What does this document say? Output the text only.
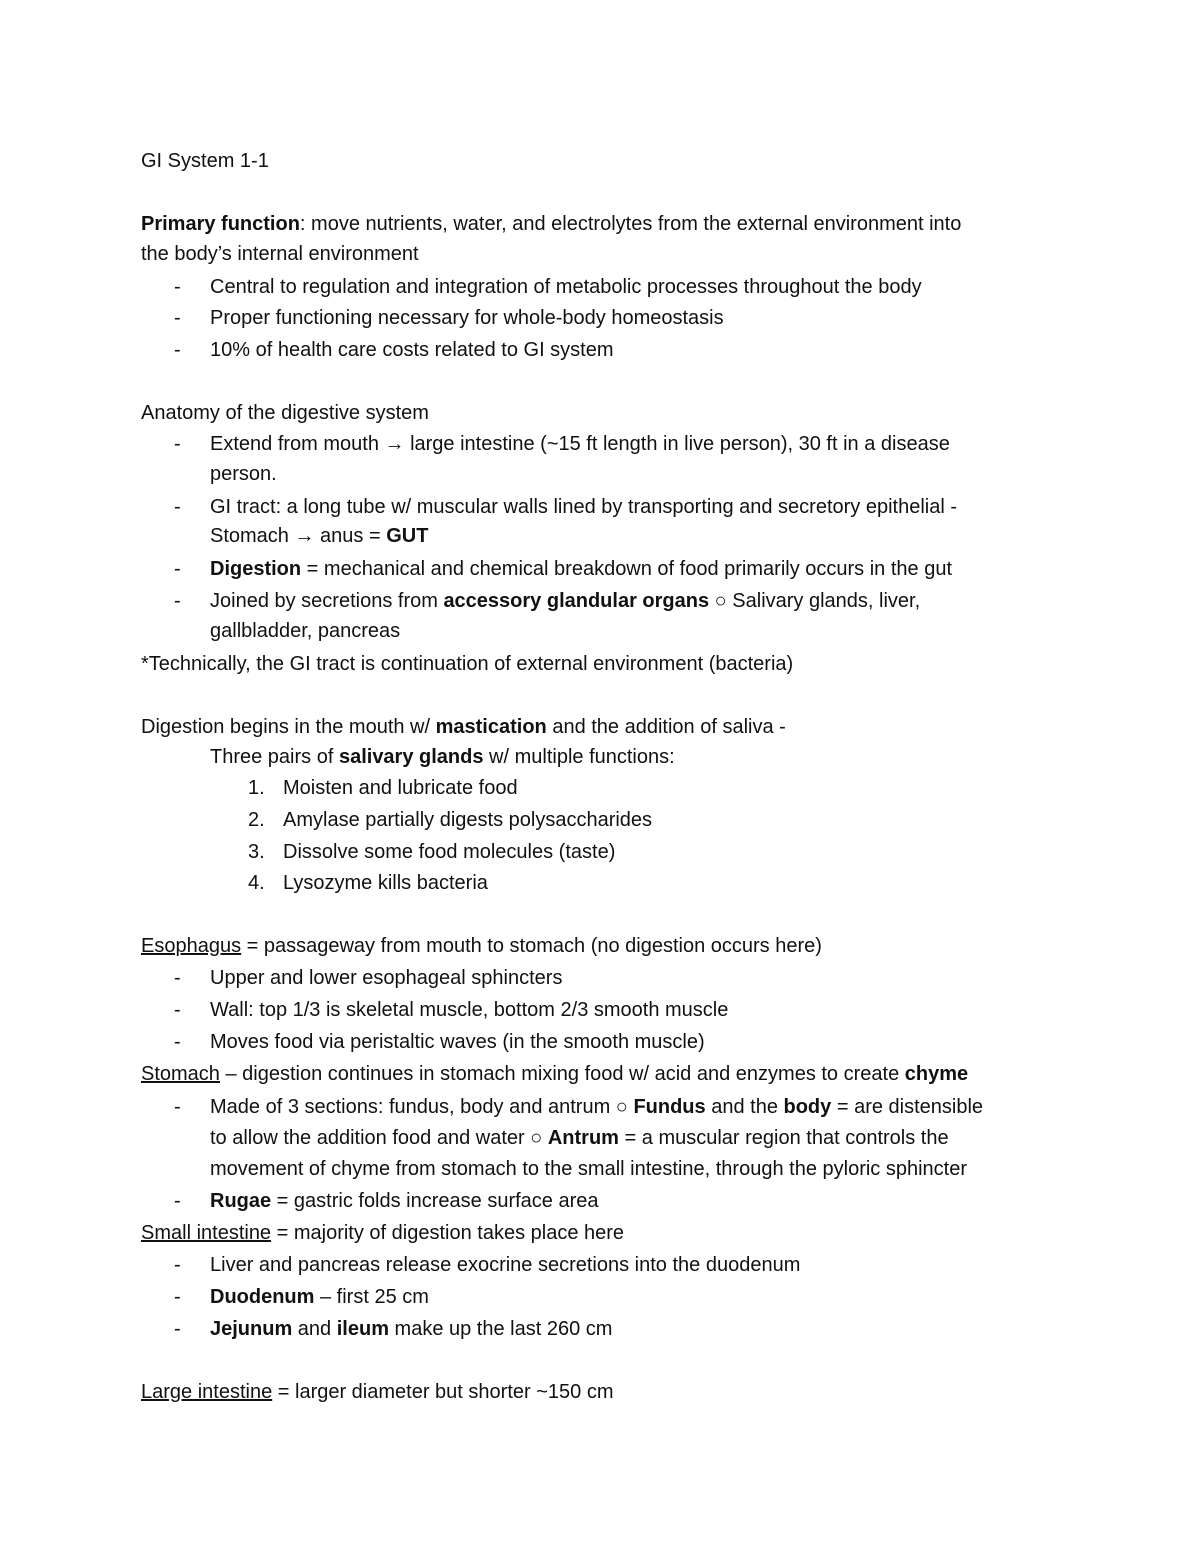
GI System 1-1
Primary function: move nutrients, water, and electrolytes from the external environment into
the body’s internal environment
- Central to regulation and integration of metabolic processes throughout the body
- Proper functioning necessary for whole-body homeostasis
- 10% of health care costs related to GI system
Anatomy of the digestive system
- Extend from mouth → large intestine (~15 ft length in live person), 30 ft in a disease
person.
- GI tract: a long tube w/ muscular walls lined by transporting and secretory epithelial -
Stomach → anus = GUT
- Digestion = mechanical and chemical breakdown of food primarily occurs in the gut
- Joined by secretions from accessory glandular organs ○ Salivary glands, liver,
gallbladder, pancreas
*Technically, the GI tract is continuation of external environment (bacteria)
Digestion begins in the mouth w/ mastication and the addition of saliva -
Three pairs of salivary glands w/ multiple functions:
1. Moisten and lubricate food
2. Amylase partially digests polysaccharides
3. Dissolve some food molecules (taste)
4. Lysozyme kills bacteria
Esophagus = passageway from mouth to stomach (no digestion occurs here)
- Upper and lower esophageal sphincters
- Wall: top 1/3 is skeletal muscle, bottom 2/3 smooth muscle
- Moves food via peristaltic waves (in the smooth muscle)
Stomach – digestion continues in stomach mixing food w/ acid and enzymes to create chyme
- Made of 3 sections: fundus, body and antrum ○ Fundus and the body = are distensible
to allow the addition food and water ○ Antrum = a muscular region that controls the
movement of chyme from stomach to the small intestine, through the pyloric sphincter
- Rugae = gastric folds increase surface area
Small intestine = majority of digestion takes place here
- Liver and pancreas release exocrine secretions into the duodenum
- Duodenum – first 25 cm
- Jejunum and ileum make up the last 260 cm
Large intestine = larger diameter but shorter ~150 cm
